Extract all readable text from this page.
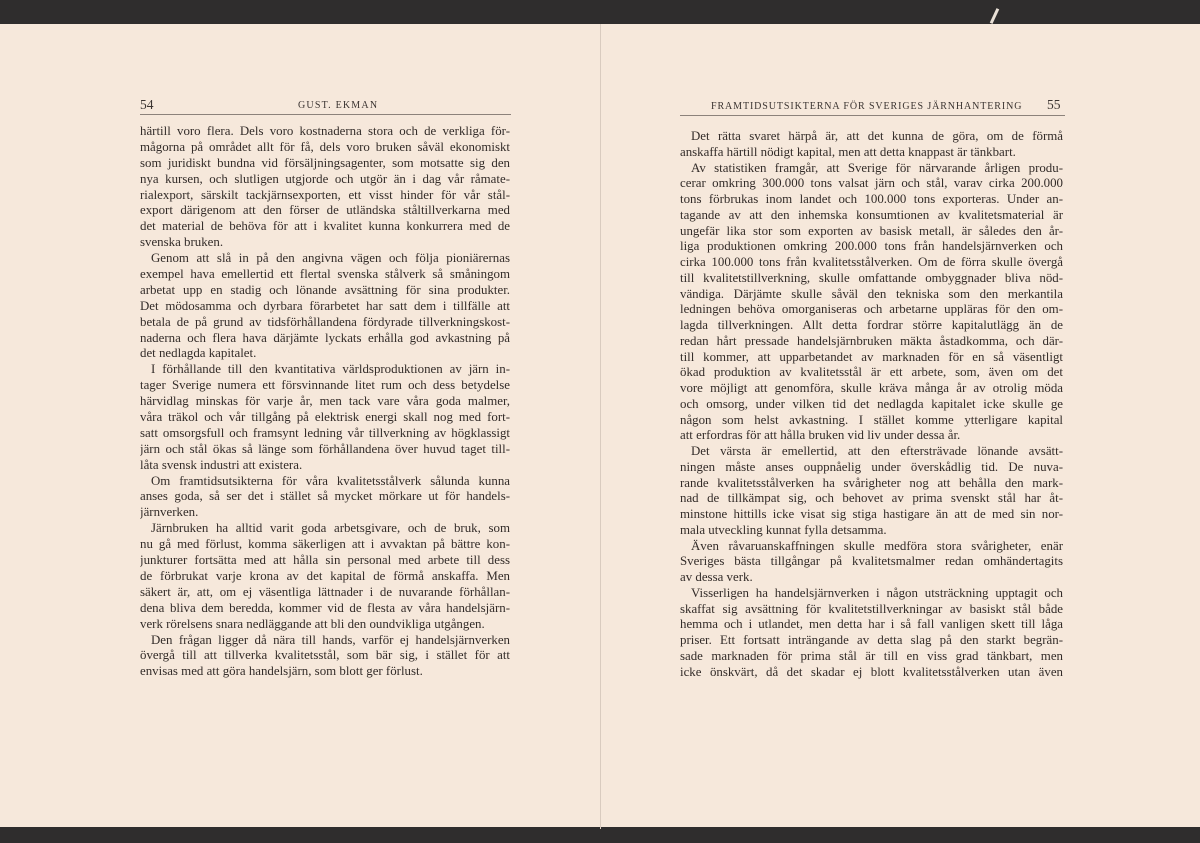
54	GUST. EKMAN	FRAMTIDSUTSIKTERNA FÖR SVERIGES JÄRNHANTERING 55
härtill voro flera. Dels voro kostnaderna stora och de verkliga för-
mågorna på området allt för få, dels voro bruken såväl ekonomiskt
som juridiskt bundna vid försäljningsagenter, som motsatte sig den
nya kursen, och slutligen utgjorde och utgör än i dag vår råmate-
rialexport, särskilt tackjärnsexporten, ett visst hinder för vår stål-
export därigenom att den förser de utländska ståltillverkarna med
det material de behöva för att i kvalitet kunna konkurrera med de
svenska bruken.
Genom att slå in på den angivna vägen och följa pioniärernas
exempel hava emellertid ett flertal svenska stålverk så småningom
arbetat upp en stadig och lönande avsättning för sina produkter.
Det mödosamma och dyrbara förarbetet har satt dem i tillfälle att
betala de på grund av tidsförhållandena fördyrade tillverkningskost-
naderna och flera hava därjämte lyckats erhålla god avkastning på
det nedlagda kapitalet.
I förhållande till den kvantitativa världsproduktionen av järn in-
tager Sverige numera ett försvinnande litet rum och dess betydelse
härvidlag minskas för varje år, men tack vare våra goda malmer,
våra träkol och vår tillgång på elektrisk energi skall nog med fort-
satt omsorgsfull och framsynt ledning vår tillverkning av högklassigt
järn och stål ökas så länge som förhållandena över huvud taget till-
låta svensk industri att existera.
Om framtidsutsikterna för våra kvalitetsstålverk sålunda kunna
anses goda, så ser det i stället så mycket mörkare ut för handels-
järnverken.
Järnbruken ha alltid varit goda arbetsgivare, och de bruk, som
nu gå med förlust, komma säkerligen att i avvaktan på bättre kon-
junkturer fortsätta med att hålla sin personal med arbete till dess
de förbrukat varje krona av det kapital de förmå anskaffa. Men
säkert är, att, om ej väsentliga lättnader i de nuvarande förhållan-
dena bliva dem beredda, kommer vid de flesta av våra handelsjärn-
verk rörelsens snara nedläggande att bli den oundvikliga utgången.
Den frågan ligger då nära till hands, varför ej handelsjärnverken
övergå till att tillverka kvalitetsstål, som bär sig, i stället för att
envisas med att göra handelsjärn, som blott ger förlust.
Det rätta svaret härpå är, att det kunna de göra, om de förmå
anskaffa härtill nödigt kapital, men att detta knappast är tänkbart.
Av statistiken framgår, att Sverige för närvarande årligen produ-
cerar omkring 300.000 tons valsat järn och stål, varav cirka 200.000
tons förbrukas inom landet och 100.000 tons exporteras. Under an-
tagande av att den inhemska konsumtionen av kvalitetsmaterial är
ungefär lika stor som exporten av basisk metall, är således den år-
liga produktionen omkring 200.000 tons från handelsjärnverken och
cirka 100.000 tons från kvalitetsstålverken. Om de förra skulle övergå
till kvalitetstillverkning, skulle omfattande ombyggnader bliva nöd-
vändiga. Därjämte skulle såväl den tekniska som den merkantila
ledningen behöva omorganiseras och arbetarne uppläras för den om-
lagda tillverkningen. Allt detta fordrar större kapitalutlägg än de
redan hårt pressade handelsjärnbruken mäkta åstadkomma, och där-
till kommer, att upparbetandet av marknaden för en så väsentligt
ökad produktion av kvalitetsstål är ett arbete, som, även om det
vore möjligt att genomföra, skulle kräva många år av otrolig möda
och omsorg, under vilken tid det nedlagda kapitalet icke skulle ge
någon som helst avkastning. I stället komme ytterligare kapital
att erfordras för att hålla bruken vid liv under dessa år.
Det värsta är emellertid, att den eftersträvade lönande avsätt-
ningen måste anses ouppnåelig under överskådlig tid. De nuva-
rande kvalitetsstålverken ha svårigheter nog att behålla den mark-
nad de tillkämpat sig, och behovet av prima svenskt stål har åt-
minstone hittills icke visat sig stiga hastigare än att de med sin nor-
mala utveckling kunnat fylla detsamma.
Även råvaruanskaffningen skulle medföra stora svårigheter, enär
Sveriges bästa tillgångar på kvalitetsmalmer redan omhändertagits
av dessa verk.
Visserligen ha handelsjärnverken i någon utsträckning upptagit och
skaffat sig avsättning för kvalitetstillverkningar av basiskt stål både
hemma och i utlandet, men detta har i så fall vanligen skett till låga
priser. Ett fortsatt inträngande av detta slag på den starkt begrän-
sade marknaden för prima stål är till en viss grad tänkbart, men
icke önskvärt, då det skadar ej blott kvalitetsstålverken utan även
